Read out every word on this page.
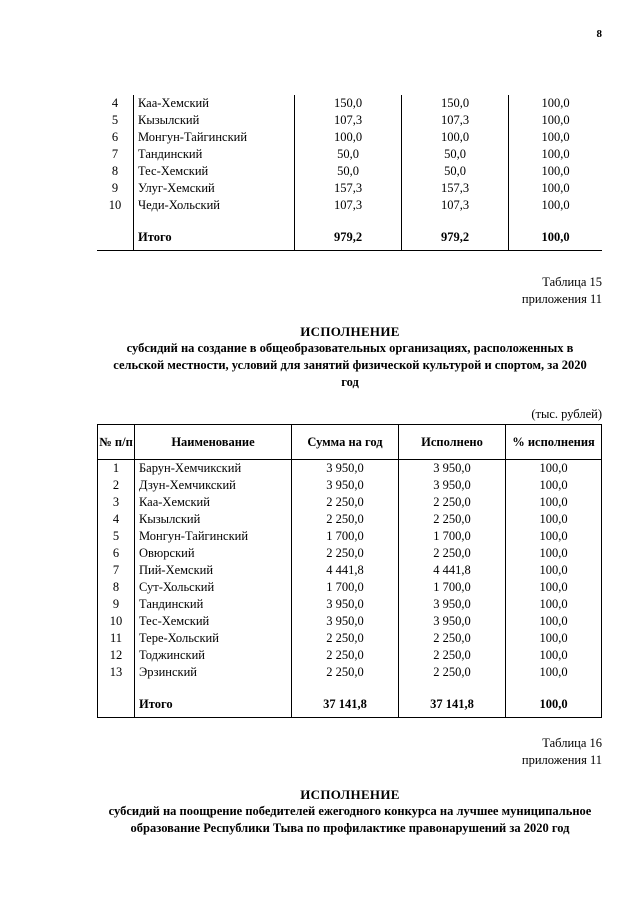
8
4	Каа-Хемский	150,0	150,0	100,0
5	Кызылский	107,3	107,3	100,0
6	Монгун-Тайгинский	100,0	100,0	100,0
7	Тандинский	50,0	50,0	100,0
8	Тес-Хемский	50,0	50,0	100,0
9	Улуг-Хемский	157,3	157,3	100,0
10	Чеди-Хольский	107,3	107,3	100,0
	Итого	979,2	979,2	100,0
Таблица 15
приложения 11
ИСПОЛНЕНИЕ
субсидий на создание в общеобразовательных организациях, расположенных в
сельской местности, условий для занятий физической культурой и спортом, за 2020
год
(тыс. рублей)
№ п/п	Наименование	Сумма на год	Исполнено	% исполнения
1	Барун-Хемчикский	3 950,0	3 950,0	100,0
2	Дзун-Хемчикский	3 950,0	3 950,0	100,0
3	Каа-Хемский	2 250,0	2 250,0	100,0
4	Кызылский	2 250,0	2 250,0	100,0
5	Монгун-Тайгинский	1 700,0	1 700,0	100,0
6	Овюрский	2 250,0	2 250,0	100,0
7	Пий-Хемский	4 441,8	4 441,8	100,0
8	Сут-Хольский	1 700,0	1 700,0	100,0
9	Тандинский	3 950,0	3 950,0	100,0
10	Тес-Хемский	3 950,0	3 950,0	100,0
11	Тере-Хольский	2 250,0	2 250,0	100,0
12	Тоджинский	2 250,0	2 250,0	100,0
13	Эрзинский	2 250,0	2 250,0	100,0
	Итого	37 141,8	37 141,8	100,0
Таблица 16
приложения 11
ИСПОЛНЕНИЕ
субсидий на поощрение победителей ежегодного конкурса на лучшее муниципальное
образование Республики Тыва по профилактике правонарушений за 2020 год
